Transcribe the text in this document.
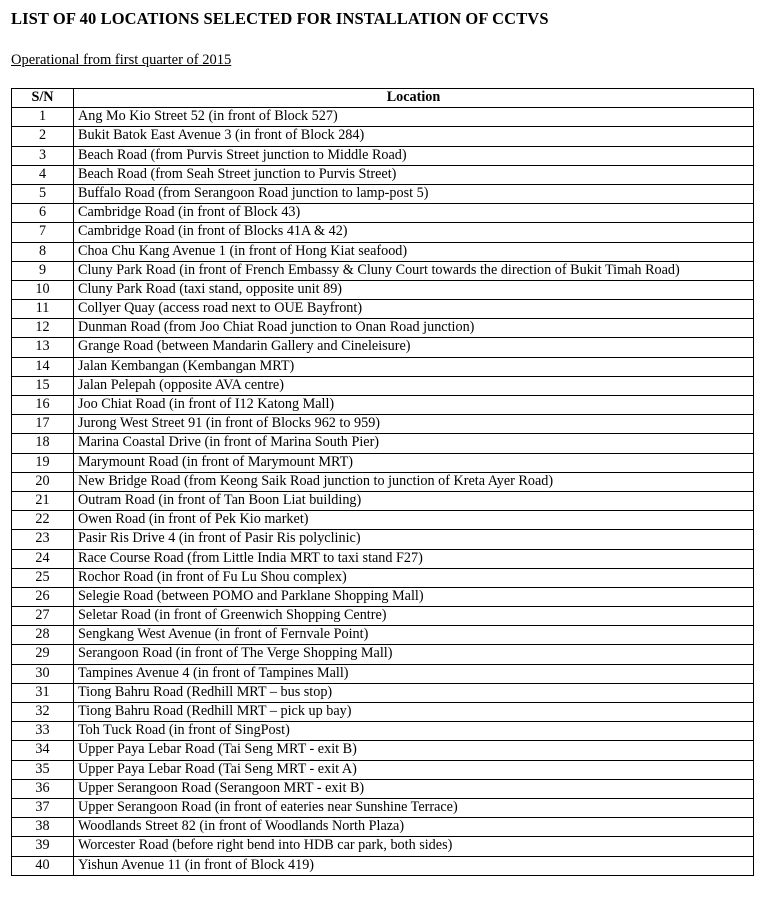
LIST OF 40 LOCATIONS SELECTED FOR INSTALLATION OF CCTVS

Operational from first quarter of 2015

S/N	Location
1	Ang Mo Kio Street 52 (in front of Block 527)
2	Bukit Batok East Avenue 3 (in front of Block 284)
3	Beach Road (from Purvis Street junction to Middle Road)
4	Beach Road (from Seah Street junction to Purvis Street)
5	Buffalo Road (from Serangoon Road junction to lamp-post 5)
6	Cambridge Road (in front of Block 43)
7	Cambridge Road (in front of Blocks 41A & 42)
8	Choa Chu Kang Avenue 1 (in front of Hong Kiat seafood)
9	Cluny Park Road (in front of French Embassy & Cluny Court towards the direction of Bukit Timah Road)
10	Cluny Park Road (taxi stand, opposite unit 89)
11	Collyer Quay (access road next to OUE Bayfront)
12	Dunman Road (from Joo Chiat Road junction to Onan Road junction)
13	Grange Road (between Mandarin Gallery and Cineleisure)
14	Jalan Kembangan (Kembangan MRT)
15	Jalan Pelepah (opposite AVA centre)
16	Joo Chiat Road (in front of I12 Katong Mall)
17	Jurong West Street 91 (in front of Blocks 962 to 959)
18	Marina Coastal Drive (in front of Marina South Pier)
19	Marymount Road (in front of Marymount MRT)
20	New Bridge Road (from Keong Saik Road junction to junction of Kreta Ayer Road)
21	Outram Road (in front of Tan Boon Liat building)
22	Owen Road (in front of Pek Kio market)
23	Pasir Ris Drive 4 (in front of Pasir Ris polyclinic)
24	Race Course Road (from Little India MRT to taxi stand F27)
25	Rochor Road (in front of Fu Lu Shou complex)
26	Selegie Road (between POMO and Parklane Shopping Mall)
27	Seletar Road (in front of Greenwich Shopping Centre)
28	Sengkang West Avenue (in front of Fernvale Point)
29	Serangoon Road (in front of The Verge Shopping Mall)
30	Tampines Avenue 4 (in front of Tampines Mall)
31	Tiong Bahru Road (Redhill MRT – bus stop)
32	Tiong Bahru Road (Redhill MRT – pick up bay)
33	Toh Tuck Road (in front of SingPost)
34	Upper Paya Lebar Road (Tai Seng MRT - exit B)
35	Upper Paya Lebar Road (Tai Seng MRT - exit A)
36	Upper Serangoon Road (Serangoon MRT - exit B)
37	Upper Serangoon Road (in front of eateries near Sunshine Terrace)
38	Woodlands Street 82 (in front of Woodlands North Plaza)
39	Worcester Road (before right bend into HDB car park, both sides)
40	Yishun Avenue 11 (in front of Block 419)
